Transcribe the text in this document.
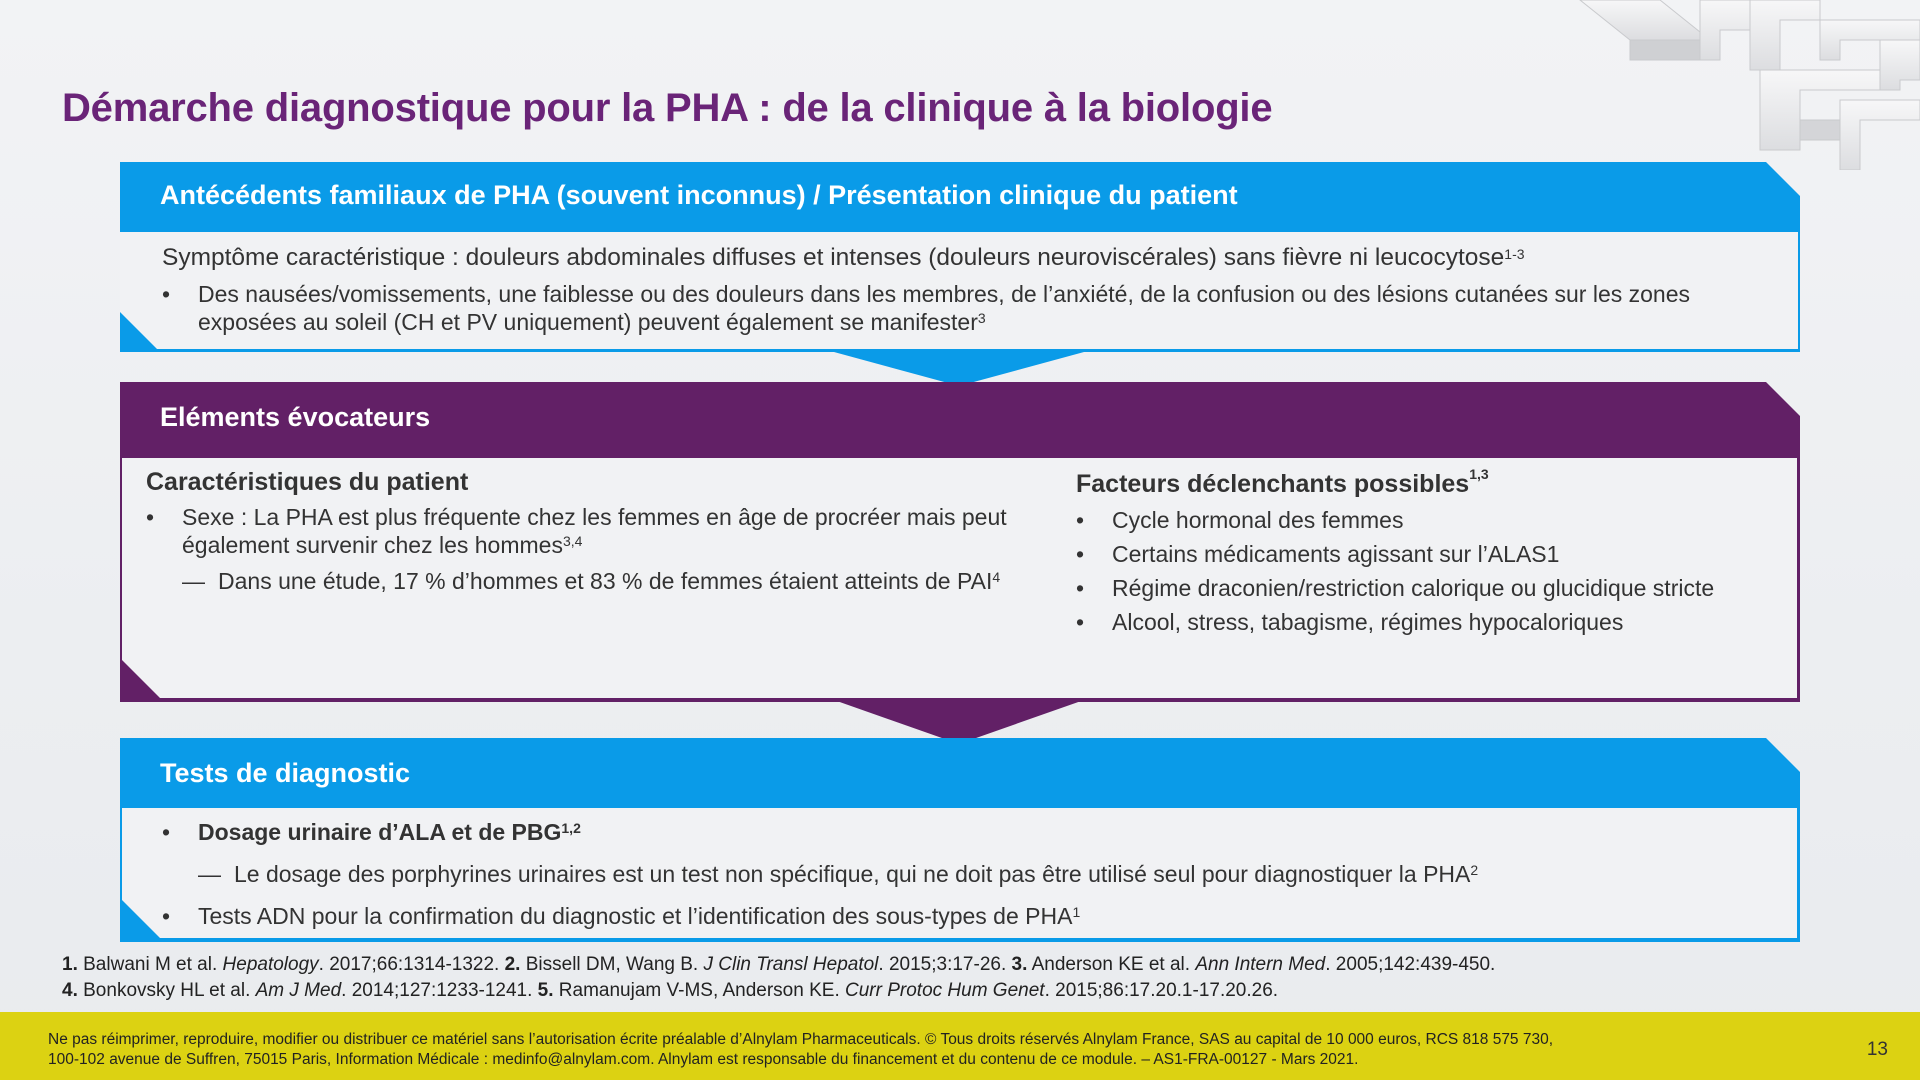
Démarche diagnostique pour la PHA : de la clinique à la biologie
Antécédents familiaux de PHA (souvent inconnus) / Présentation clinique du patient
Symptôme caractéristique : douleurs abdominales diffuses et intenses (douleurs neuroviscérales) sans fièvre ni leucocytose$^{1-3}$
• Des nausées/vomissements, une faiblesse ou des douleurs dans les membres, de l’anxiété, de la confusion ou des lésions cutanées sur les zones exposées au soleil (CH et PV uniquement) peuvent également se manifester$^3$
Eléments évocateurs
Caractéristiques du patient
• Sexe : La PHA est plus fréquente chez les femmes en âge de procréer mais peut également survenir chez les hommes$^{3,4}$
— Dans une étude, 17 % d’hommes et 83 % de femmes étaient atteints de PAI$^4$
Facteurs déclenchants possibles$^{1,3}$
• Cycle hormonal des femmes
• Certains médicaments agissant sur l’ALAS1
• Régime draconien/restriction calorique ou glucidique stricte
• Alcool, stress, tabagisme, régimes hypocaloriques
Tests de diagnostic
• Dosage urinaire d’ALA et de PBG$^{1,2}$
— Le dosage des porphyrines urinaires est un test non spécifique, qui ne doit pas être utilisé seul pour diagnostiquer la PHA$^2$
• Tests ADN pour la confirmation du diagnostic et l’identification des sous-types de PHA$^1$
1. Balwani M et al. Hepatology. 2017;66:1314-1322. 2. Bissell DM, Wang B. J Clin Transl Hepatol. 2015;3:17-26. 3. Anderson KE et al. Ann Intern Med. 2005;142:439-450.
4. Bonkovsky HL et al. Am J Med. 2014;127:1233-1241. 5. Ramanujam V-MS, Anderson KE. Curr Protoc Hum Genet. 2015;86:17.20.1-17.20.26.
Ne pas réimprimer, reproduire, modifier ou distribuer ce matériel sans l’autorisation écrite préalable d’Alnylam Pharmaceuticals. © Tous droits réservés Alnylam France, SAS au capital de 10 000 euros, RCS 818 575 730,
100-102 avenue de Suffren, 75015 Paris, Information Médicale : medinfo@alnylam.com. Alnylam est responsable du financement et du contenu de ce module. – AS1-FRA-00127 - Mars 2021.	13
